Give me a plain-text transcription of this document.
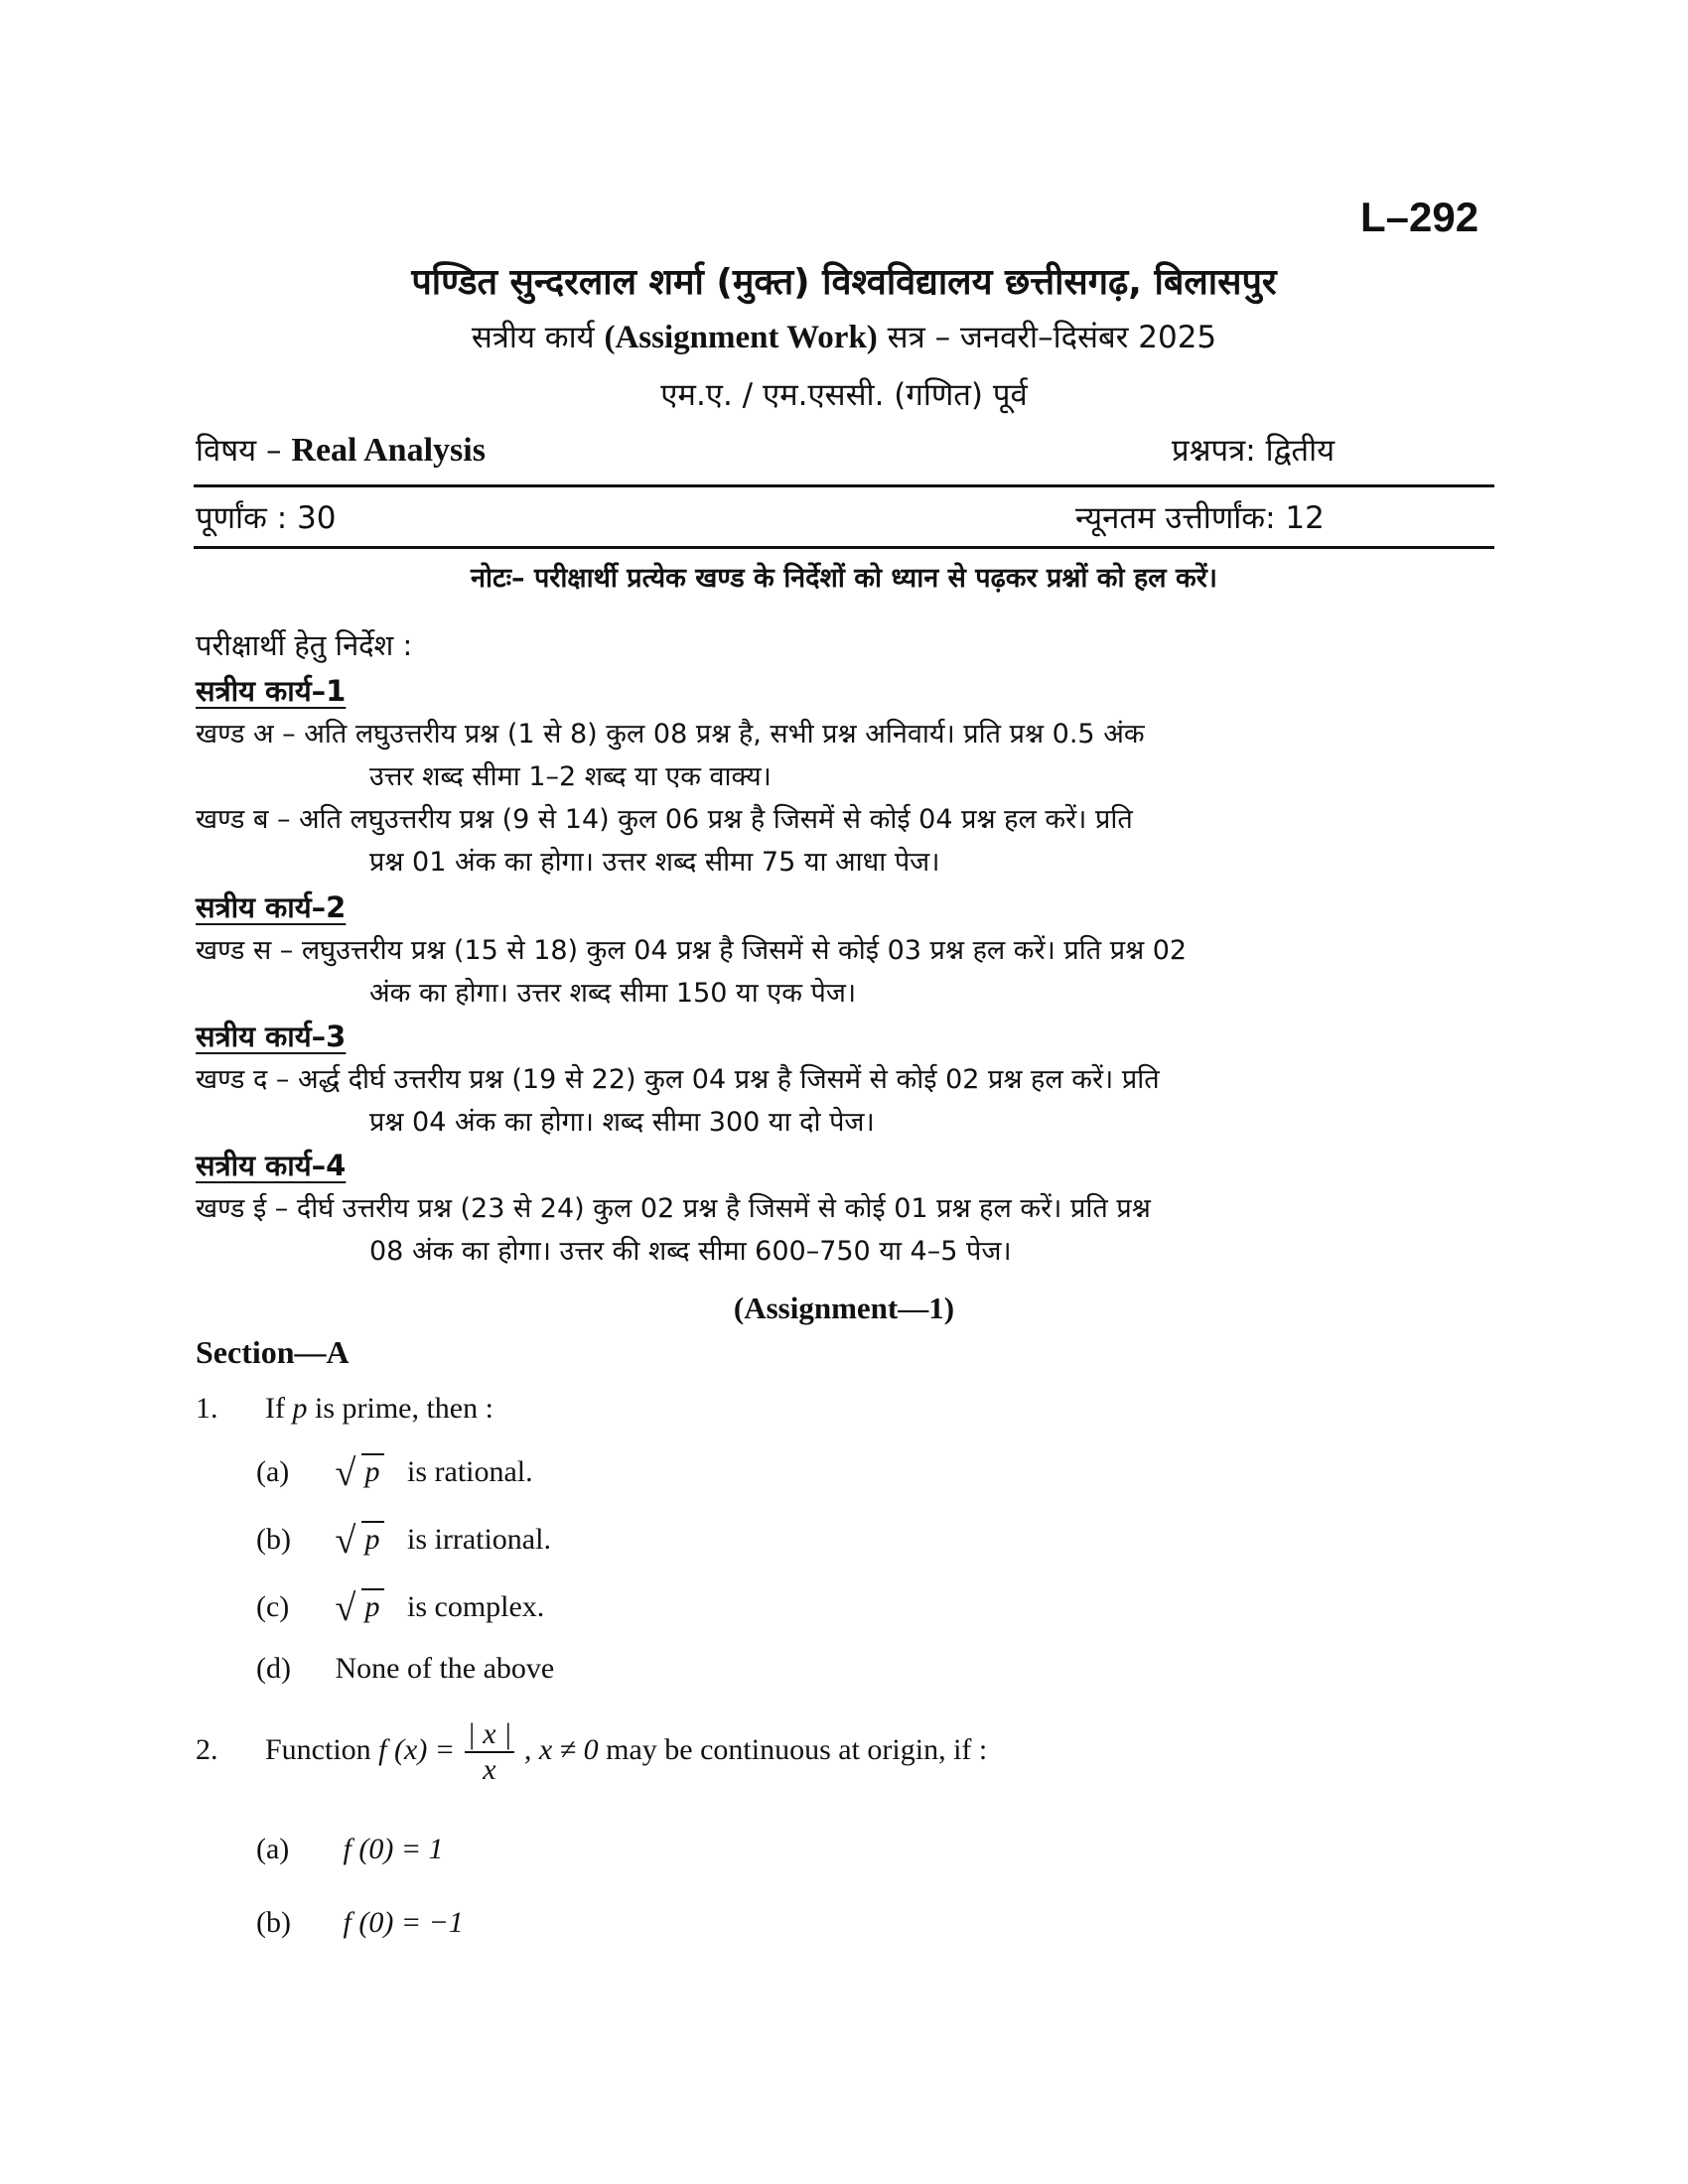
L–292
पण्डित सुन्दरलाल शर्मा (मुक्त) विश्वविद्यालय छत्तीसगढ़, बिलासपुर
सत्रीय कार्य (Assignment Work) सत्र – जनवरी–दिसंबर 2025
एम.ए. / एम.एससी. (गणित) पूर्व
विषय – Real Analysis	प्रश्नपत्र: द्वितीय
पूर्णांक : 30	न्यूनतम उत्तीर्णांक: 12
नोटः– परीक्षार्थी प्रत्येक खण्ड के निर्देशों को ध्यान से पढ़कर प्रश्नों को हल करें।
परीक्षार्थी हेतु निर्देश :
सत्रीय कार्य–1
खण्ड अ – अति लघुउत्तरीय प्रश्न (1 से 8) कुल 08 प्रश्न है, सभी प्रश्न अनिवार्य। प्रति प्रश्न 0.5 अंक
उत्तर शब्द सीमा 1–2 शब्द या एक वाक्य।
खण्ड ब – अति लघुउत्तरीय प्रश्न (9 से 14) कुल 06 प्रश्न है जिसमें से कोई 04 प्रश्न हल करें। प्रति
प्रश्न 01 अंक का होगा। उत्तर शब्द सीमा 75 या आधा पेज।
सत्रीय कार्य–2
खण्ड स – लघुउत्तरीय प्रश्न (15 से 18) कुल 04 प्रश्न है जिसमें से कोई 03 प्रश्न हल करें। प्रति प्रश्न 02
अंक का होगा। उत्तर शब्द सीमा 150 या एक पेज।
सत्रीय कार्य–3
खण्ड द – अर्द्ध दीर्घ उत्तरीय प्रश्न (19 से 22) कुल 04 प्रश्न है जिसमें से कोई 02 प्रश्न हल करें। प्रति
प्रश्न 04 अंक का होगा। शब्द सीमा 300 या दो पेज।
सत्रीय कार्य–4
खण्ड ई – दीर्घ उत्तरीय प्रश्न (23 से 24) कुल 02 प्रश्न है जिसमें से कोई 01 प्रश्न हल करें। प्रति प्रश्न
08 अंक का होगा। उत्तर की शब्द सीमा 600–750 या 4–5 पेज।
(Assignment—1)
Section—A
1. If p is prime, then :
(a)	√ p is rational.
(b) √ p is irrational.
(c)	√ p is complex.
(d) None of the above
2. Function f $(x) = \frac{| x |}{x}$ , x ≠ 0 may be continuous at origin, if :
(a) f (0) = 1
(b) f (0) = −1
